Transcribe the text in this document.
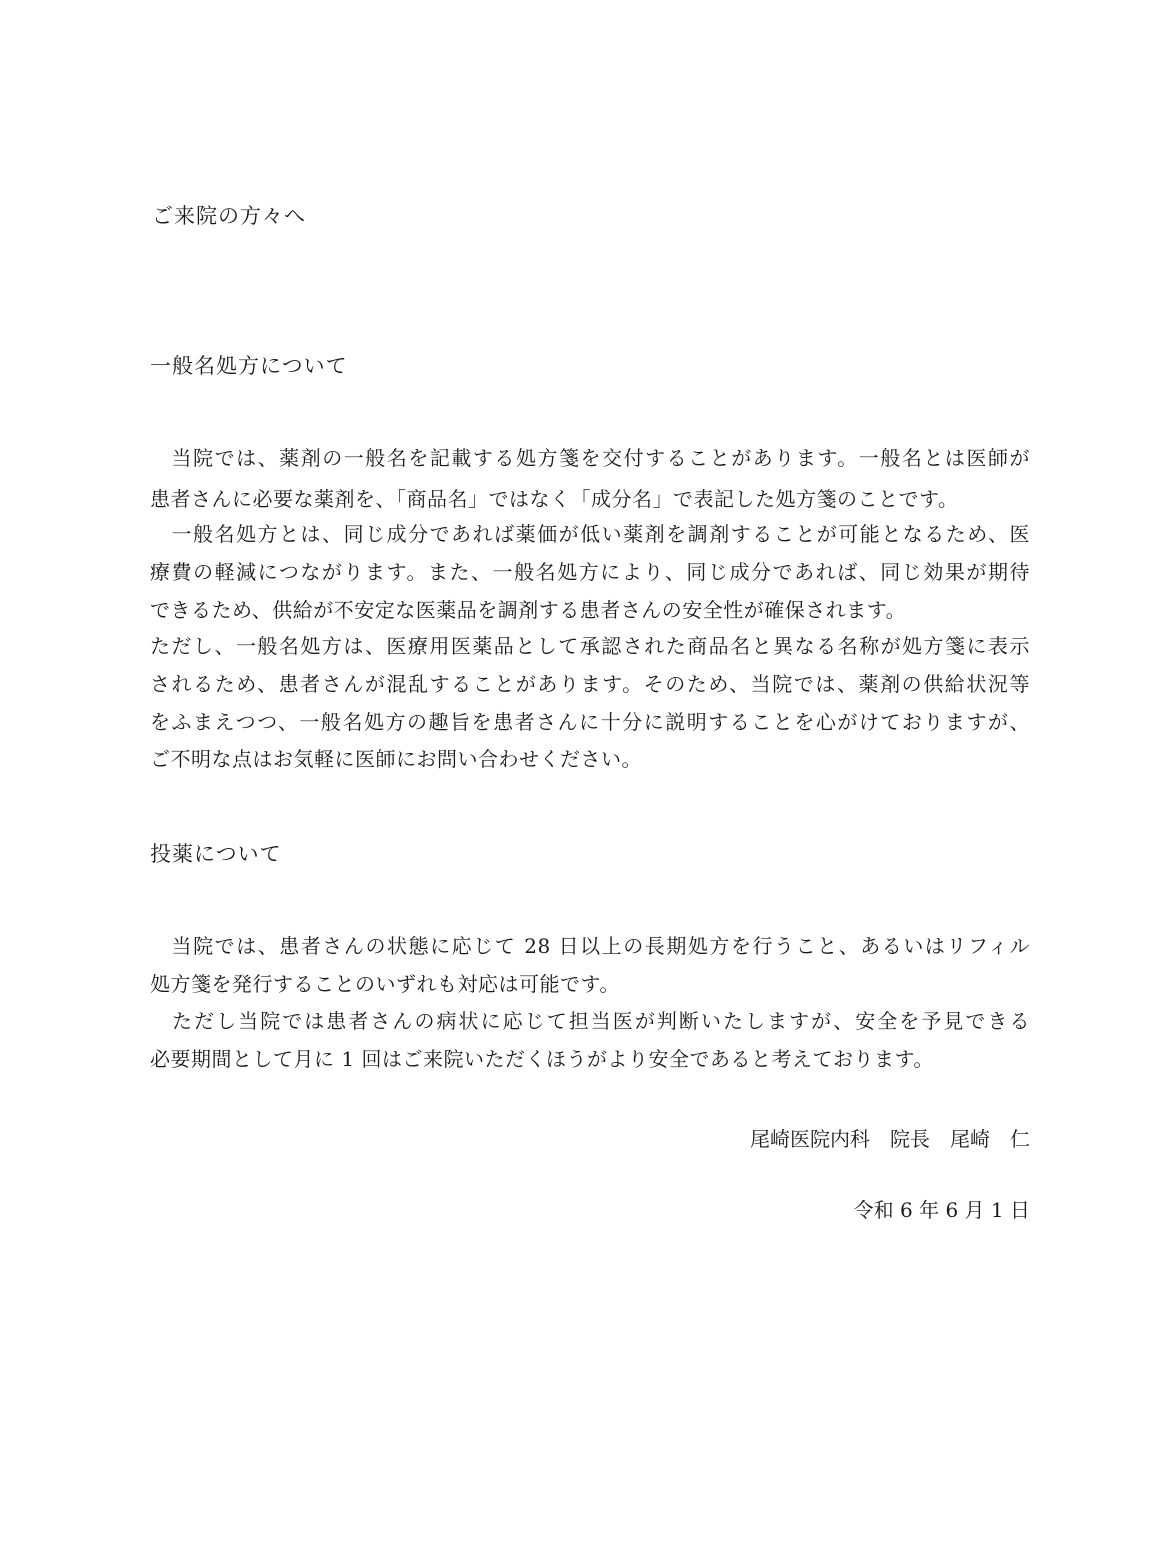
ご来院の方々へ
一般名処方について
　当院では、薬剤の一般名を記載する処方箋を交付することがあります。一般名とは医師が
患者さんに必要な薬剤を、「商品名」ではなく「成分名」で表記した処方箋のことです。
　一般名処方とは、同じ成分であれば薬価が低い薬剤を調剤することが可能となるため、医
療費の軽減につながります。また、一般名処方により、同じ成分であれば、同じ効果が期待
できるため、供給が不安定な医薬品を調剤する患者さんの安全性が確保されます。
ただし、一般名処方は、医療用医薬品として承認された商品名と異なる名称が処方箋に表示
されるため、患者さんが混乱することがあります。そのため、当院では、薬剤の供給状況等
をふまえつつ、一般名処方の趣旨を患者さんに十分に説明することを心がけておりますが、
ご不明な点はお気軽に医師にお問い合わせください。
投薬について
　当院では、患者さんの状態に応じて 28 日以上の長期処方を行うこと、あるいはリフィル
処方箋を発行することのいずれも対応は可能です。
　ただし当院では患者さんの病状に応じて担当医が判断いたしますが、安全を予見できる
必要期間として月に 1 回はご来院いただくほうがより安全であると考えております。
尾崎医院内科　院長　尾崎　仁
令和 6 年 6 月 1 日
